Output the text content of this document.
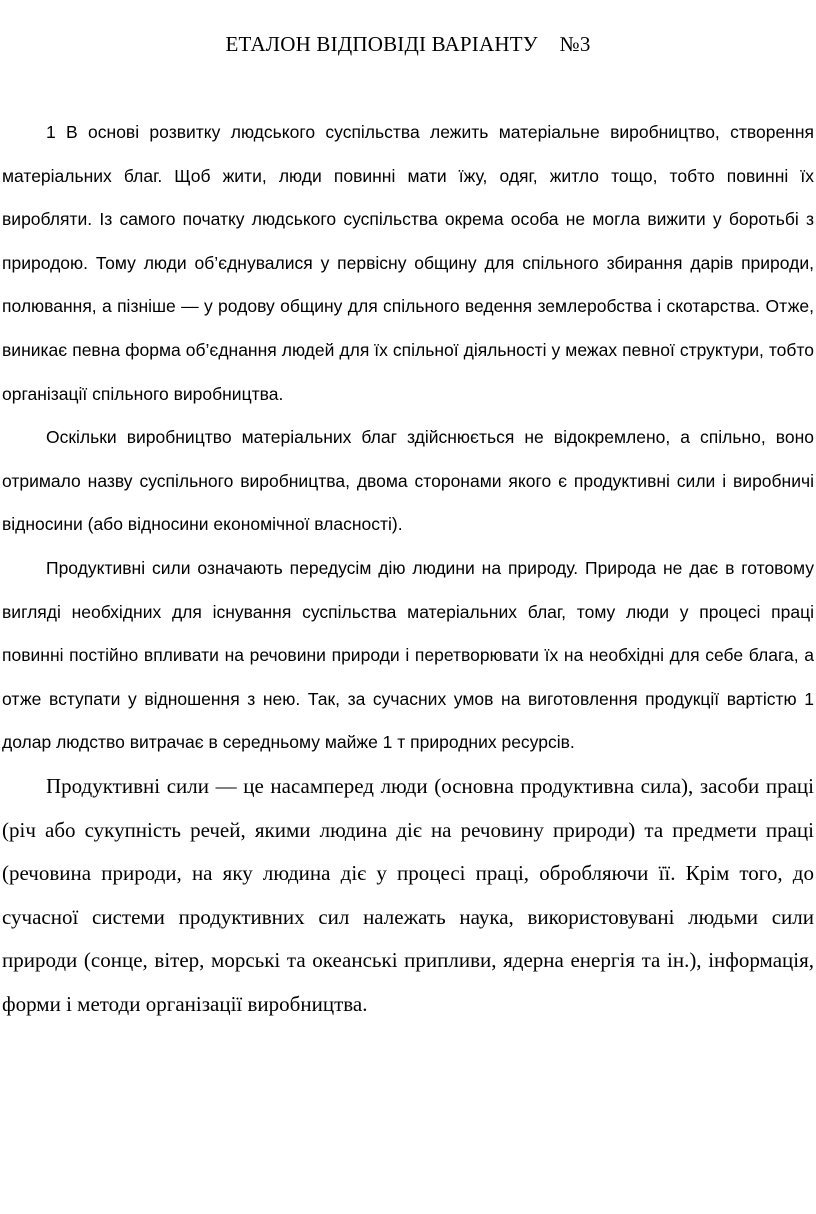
ЕТАЛОН ВІДПОВІДІ ВАРІАНТУ    №3

1 В основі розвитку людського суспільства лежить матеріальне виробництво, створення матеріальних благ. Щоб жити, люди повинні мати їжу, одяг, житло тощо, тобто повинні їх виробляти. Із самого початку людського суспільства окрема особа не могла вижити у боротьбі з природою. Тому люди об’єднувалися у первісну общину для спільного збирання дарів природи, полювання, а пізніше — у родову общину для спільного ведення землеробства і скотарства. Отже, виникає певна форма об’єднання людей для їх спільної діяльності у межах певної структури, тобто організації спільного виробництва.

Оскільки виробництво матеріальних благ здійснюється не відокремлено, а спільно, воно отримало назву суспільного виробництва, двома сторонами якого є продуктивні сили і виробничі відносини (або відносини економічної власності).

Продуктивні сили означають передусім дію людини на природу. Природа не дає в готовому вигляді необхідних для існування суспільства матеріальних благ, тому люди у процесі праці повинні постійно впливати на речовини природи і перетворювати їх на необхідні для себе блага, а отже вступати у відношення з нею. Так, за сучасних умов на виготовлення продукції вартістю 1 долар людство витрачає в середньому майже 1 т природних ресурсів.

Продуктивні сили — це насамперед люди (основна продуктивна сила), засоби праці (річ або сукупність речей, якими людина діє на речовину природи) та предмети праці (речовина природи, на яку людина діє у процесі праці, обробляючи її. Крім того, до сучасної системи продуктивних сил належать наука, використовувані людьми сили природи (сонце, вітер, морські та океанські припливи, ядерна енергія та ін.), інформація, форми і методи організації виробництва.
